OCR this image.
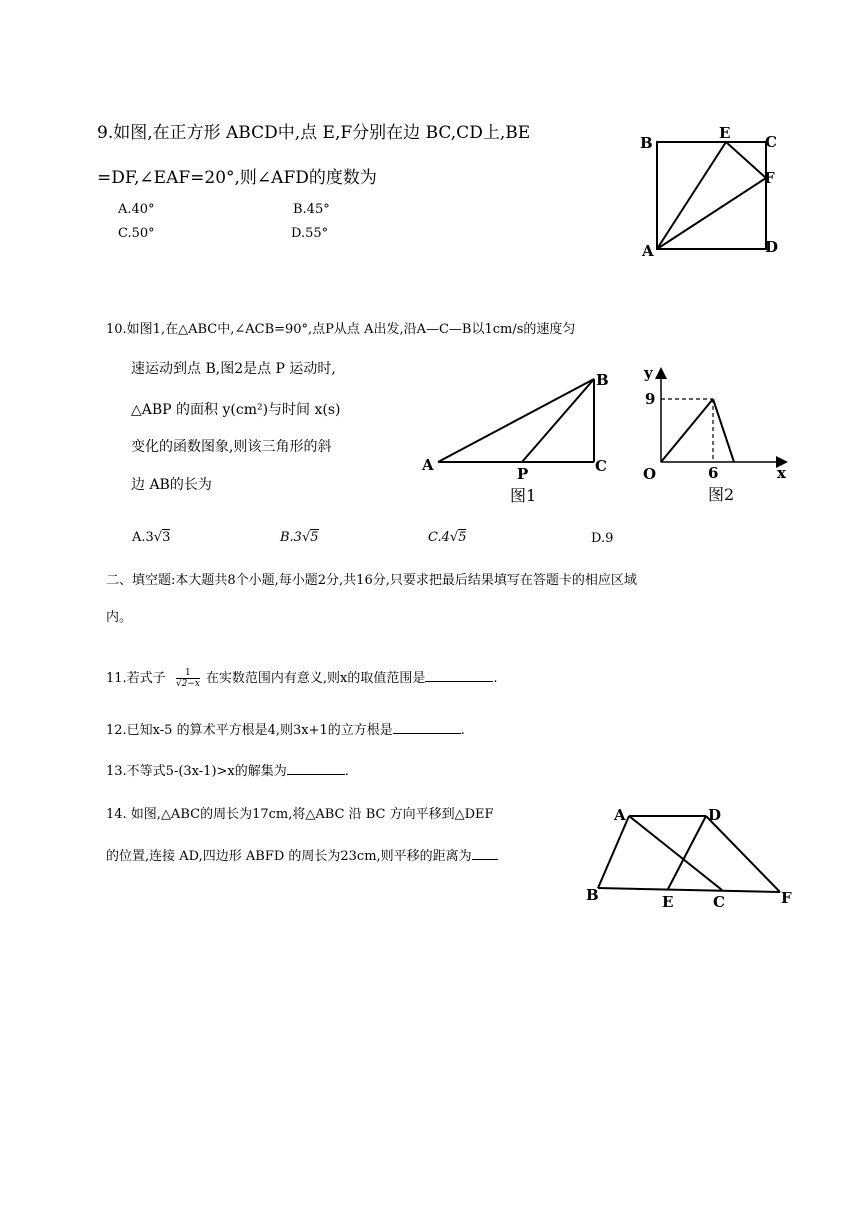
9.如图,在正方形 ABCD中,点 E,F分别在边 BC,CD上,BE
=DF,∠EAF=20°,则∠AFD的度数为
A.40°	B.45°
C.50°	D.55°
B
E C
F
A	D
10.如图1,在△ABC中,∠ACB=90°,点P从点 A出发,沿A—C—B以1cm/s的速度匀
速运动到点 B,图2是点 P 运动时,
△ABP 的面积 y(cm²)与时间 x(s)
变化的函数图象,则该三角形的斜
边 AB的长为
A	P	C
B
图1
y
x
O
9
6
图2
A.3√3	B.3√5	C.4√5	D.9
二、填空题:本大题共8个小题,每小题2分,共16分,只要求把最后结果填写在答题卡的相应区域
内。
11.若式子 $\frac{1}{√2-x}$ 在实数范围内有意义,则x的取值范围是	.
12.已知x-5 的算术平方根是4,则3x+1的立方根是	.
13.不等式5-(3x-1)>x的解集为	.
14. 如图,△ABC的周长为17cm,将△ABC 沿 BC 方向平移到△DEF
的位置,连接 AD,四边形 ABFD 的周长为23cm,则平移的距离为
A	D
B	E	C	F
